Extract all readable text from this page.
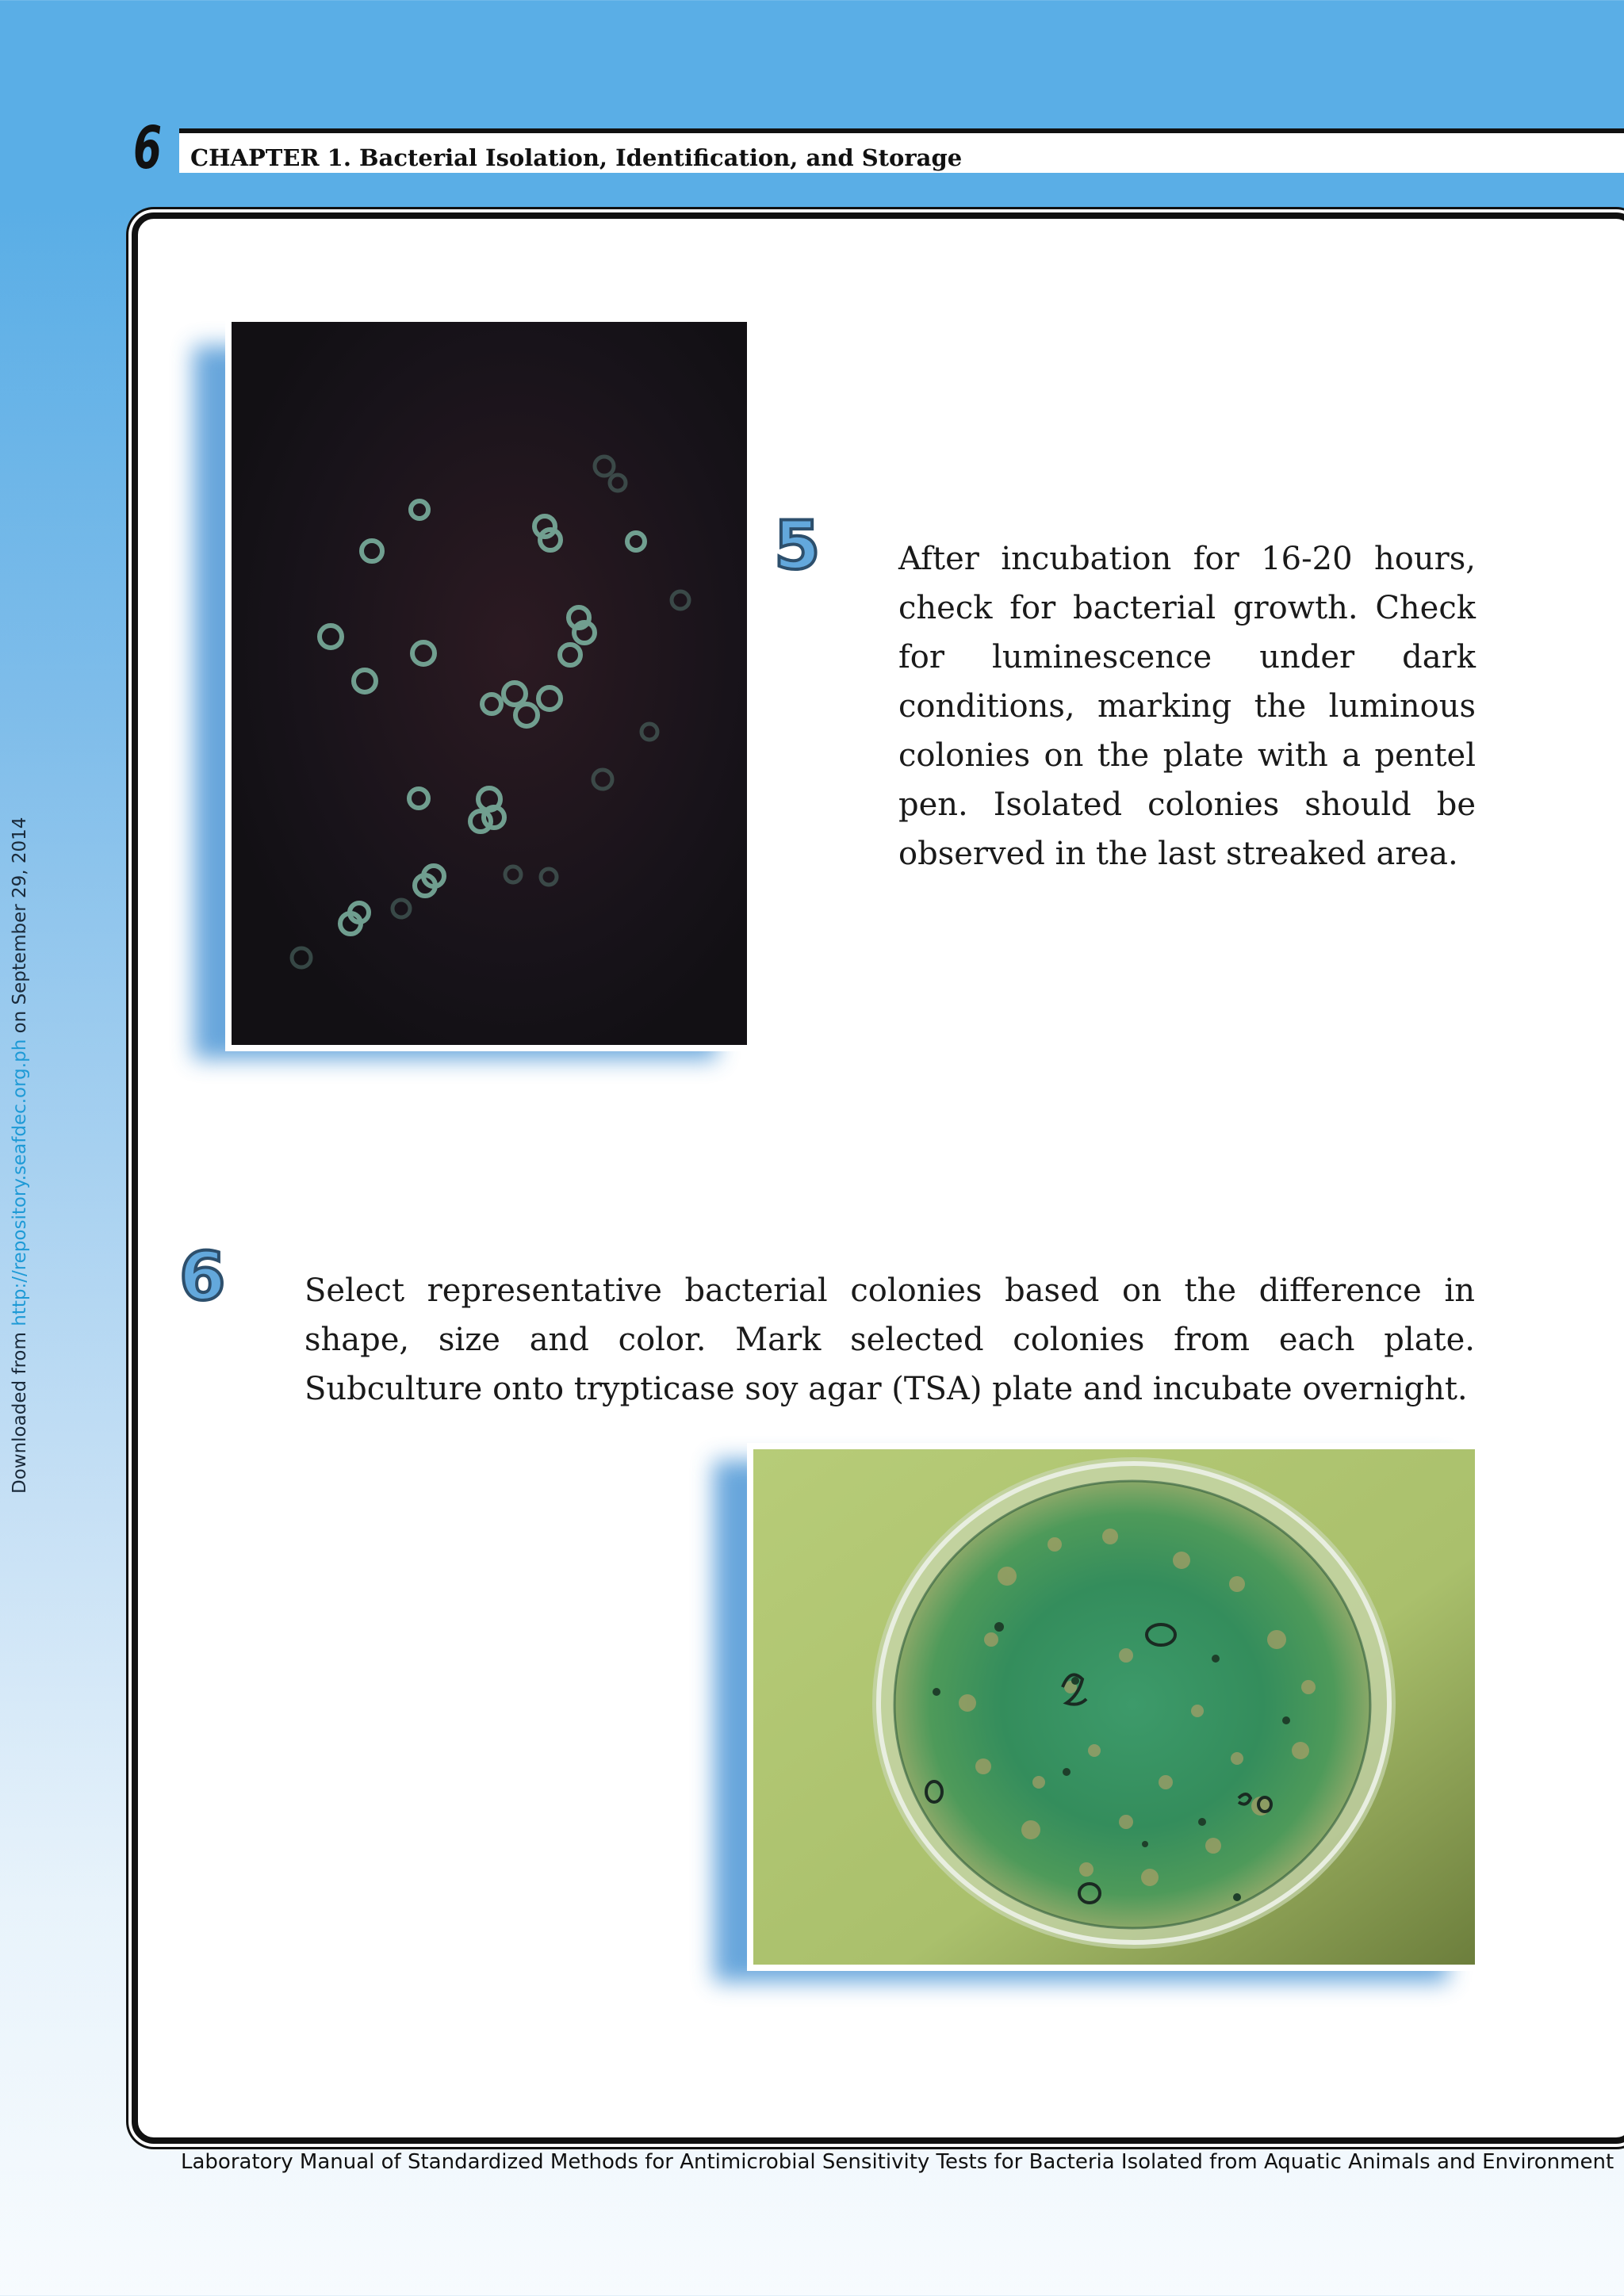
6 CHAPTER 1. Bacterial Isolation, Identification, and Storage
Downloaded from http://repository.seafdec.org.ph on September 29, 2014
5 After incubation for 16-20 hours, check for bacterial growth. Check for luminescence under dark conditions, marking the luminous colonies on the plate with a pentel pen. Isolated colonies should be observed in the last streaked area.

6 Select representative bacterial colonies based on the difference in shape, size and color. Mark selected colonies from each plate. Subculture onto trypticase soy agar (TSA) plate and incubate overnight.

Laboratory Manual of Standardized Methods for Antimicrobial Sensitivity Tests for Bacteria Isolated from Aquatic Animals and Environment
